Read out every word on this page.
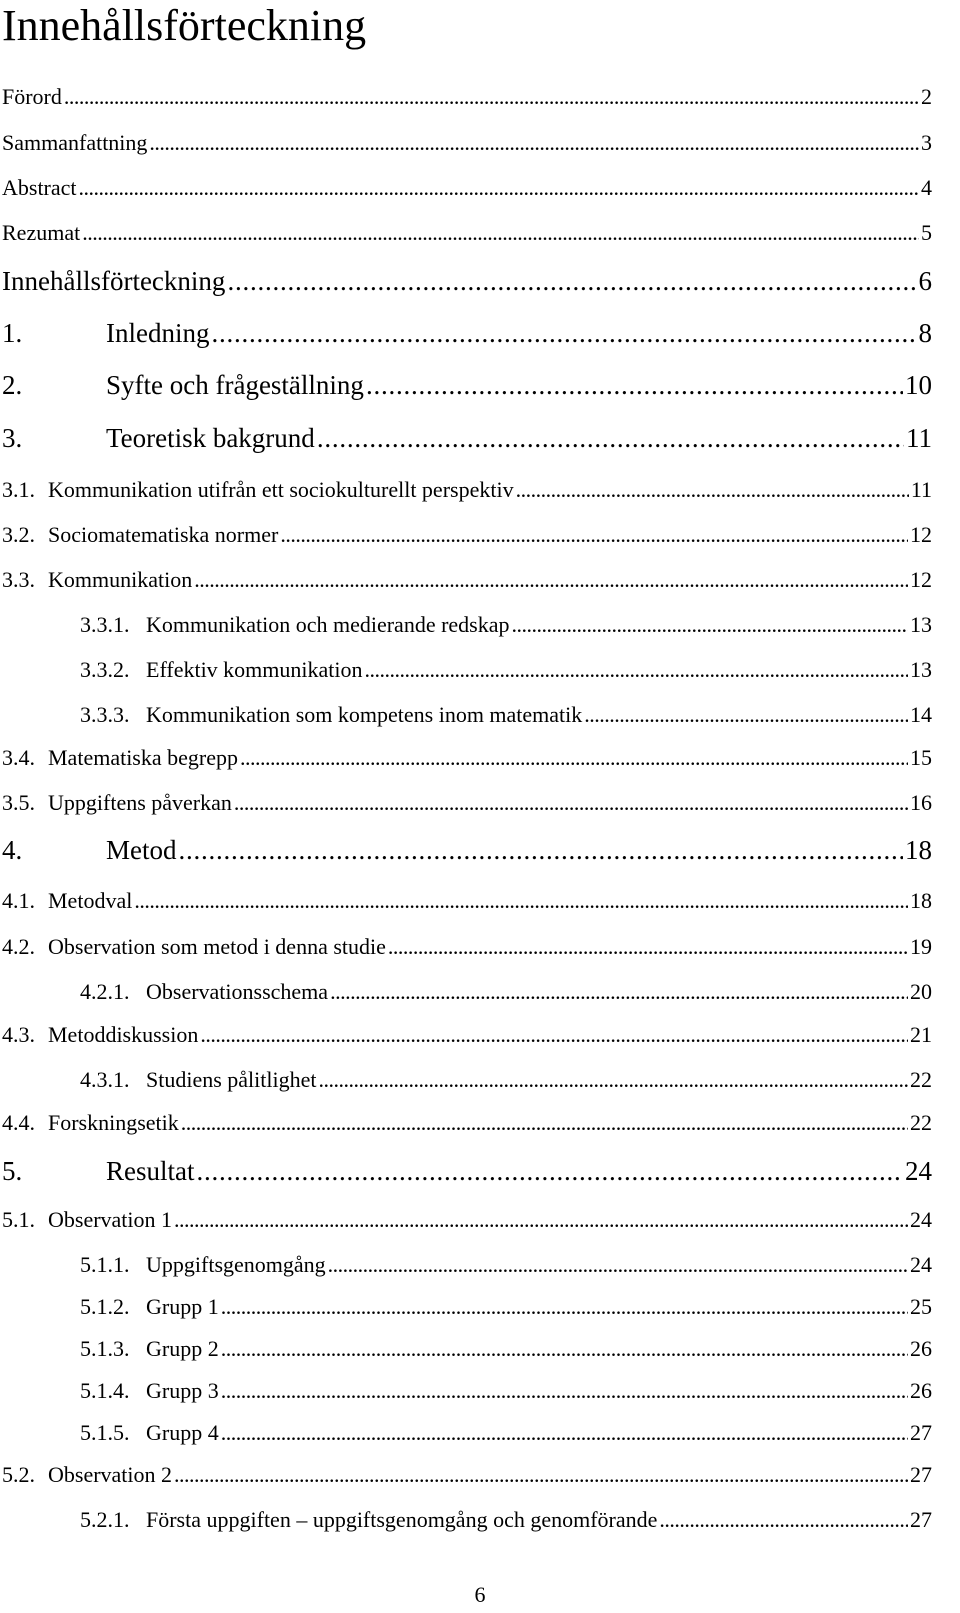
Innehållsförteckning
Förord . . .	2
Sammanfattning . . .	3
Abstract . . .	4
Rezumat . . .	5
Innehållsförteckning . . .	6
1.	Inledning . . .	8
2.	Syfte och frågeställning . . .	10
3.	Teoretisk bakgrund . . .	11
3.1. Kommunikation utifrån ett sociokulturellt perspektiv . . .	11
3.2. Sociomatematiska normer . . .	12
3.3. Kommunikation . . .	12
3.3.1. Kommunikation och medierande redskap . . .	13
3.3.2. Effektiv kommunikation . . .	13
3.3.3. Kommunikation som kompetens inom matematik . . .	14
3.4. Matematiska begrepp . . .	15
3.5. Uppgiftens påverkan . . .	16
4.	Metod . . .	18
4.1. Metodval . . .	18
4.2. Observation som metod i denna studie . . .	19
4.2.1. Observationsschema . . .	20
4.3. Metoddiskussion . . .	21
4.3.1. Studiens pålitlighet . . .	22
4.4. Forskningsetik . . .	22
5.	Resultat . . .	24
5.1. Observation 1 . . .	24
5.1.1. Uppgiftsgenomgång . . .	24
5.1.2. Grupp 1 . . .	25
5.1.3. Grupp 2 . . .	26
5.1.4. Grupp 3 . . .	26
5.1.5. Grupp 4 . . .	27
5.2. Observation 2 . . .	27
5.2.1. Första uppgiften – uppgiftsgenomgång och genomförande . . .	27
6
